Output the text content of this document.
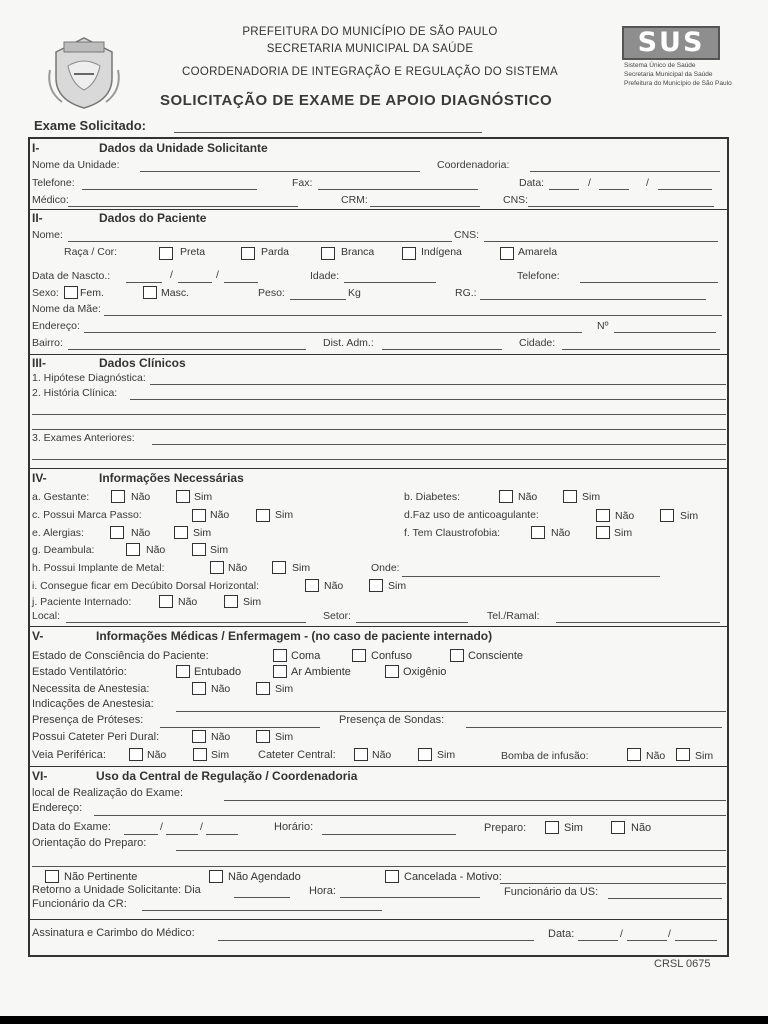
PREFEITURA DO MUNICÍPIO DE SÃO PAULO
SECRETARIA MUNICIPAL DA SAÚDE
COORDENADORIA DE INTEGRAÇÃO E REGULAÇÃO DO SISTEMA
SOLICITAÇÃO DE EXAME DE APOIO DIAGNÓSTICO
SUS
Sistema Único de Saúde
Secretaria Municipal da Saúde
Prefeitura do Município de São Paulo
Exame Solicitado:
I-	Dados da Unidade Solicitante
Nome da Unidade:	Coordenadoria:
Telefone:	Fax:	Data:	/	/
Médico:	CRM:	CNS:
II-	Dados do Paciente
Nome:	CNS:
Raça / Cor:	Preta	Parda	Branca	Indígena	Amarela
Data de Nascto.:	/	/	Idade:	Telefone:
Sexo: Fem.	Masc.	Peso:	Kg	RG.:
Nome da Mãe:
Endereço:	Nº
Bairro:	Dist. Adm.:	Cidade:
III-	Dados Clínicos
1. Hipótese Diagnóstica:
2. História Clínica:
3. Exames Anteriores:
IV-	Informações Necessárias
a. Gestante:	Não	Sim	b. Diabetes:	Não	Sim
c. Possui Marca Passo:	Não	Sim	d.Faz uso de anticoagulante:	Não	Sim
e. Alergias:	Não	Sim	f. Tem Claustrofobia:	Não	Sim
g. Deambula:	Não	Sim
h. Possui Implante de Metal:	Não	Sim	Onde:
i. Consegue ficar em Decúbito Dorsal Horizontal:	Não	Sim
j. Paciente Internado:	Não	Sim
Local:	Setor:	Tel./Ramal:
V-	Informações Médicas / Enfermagem - (no caso de paciente internado)
Estado de Consciência do Paciente:	Coma	Confuso	Consciente
Estado Ventilatório:	Entubado	Ar Ambiente	Oxigênio
Necessita de Anestesia:	Não	Sim
Indicações de Anestesia:
Presença de Próteses:	Presença de Sondas:
Possui Cateter Peri Dural:	Não	Sim
Veia Periférica:	Não	Sim	Cateter Central:	Não	Sim	Bomba de infusão:	Não	Sim
VI-	Uso da Central de Regulação / Coordenadoria
local de Realização do Exame:
Endereço:
Data do Exame:	/	/	Horário:	Preparo:	Sim	Não
Orientação do Preparo:
Não Pertinente	Não Agendado	Cancelada - Motivo:
Retorno a Unidade Solicitante: Dia	Hora:	Funcionário da US:
Funcionário da CR:
Assinatura e Carimbo do Médico:	Data:	/	/
CRSL 0675
